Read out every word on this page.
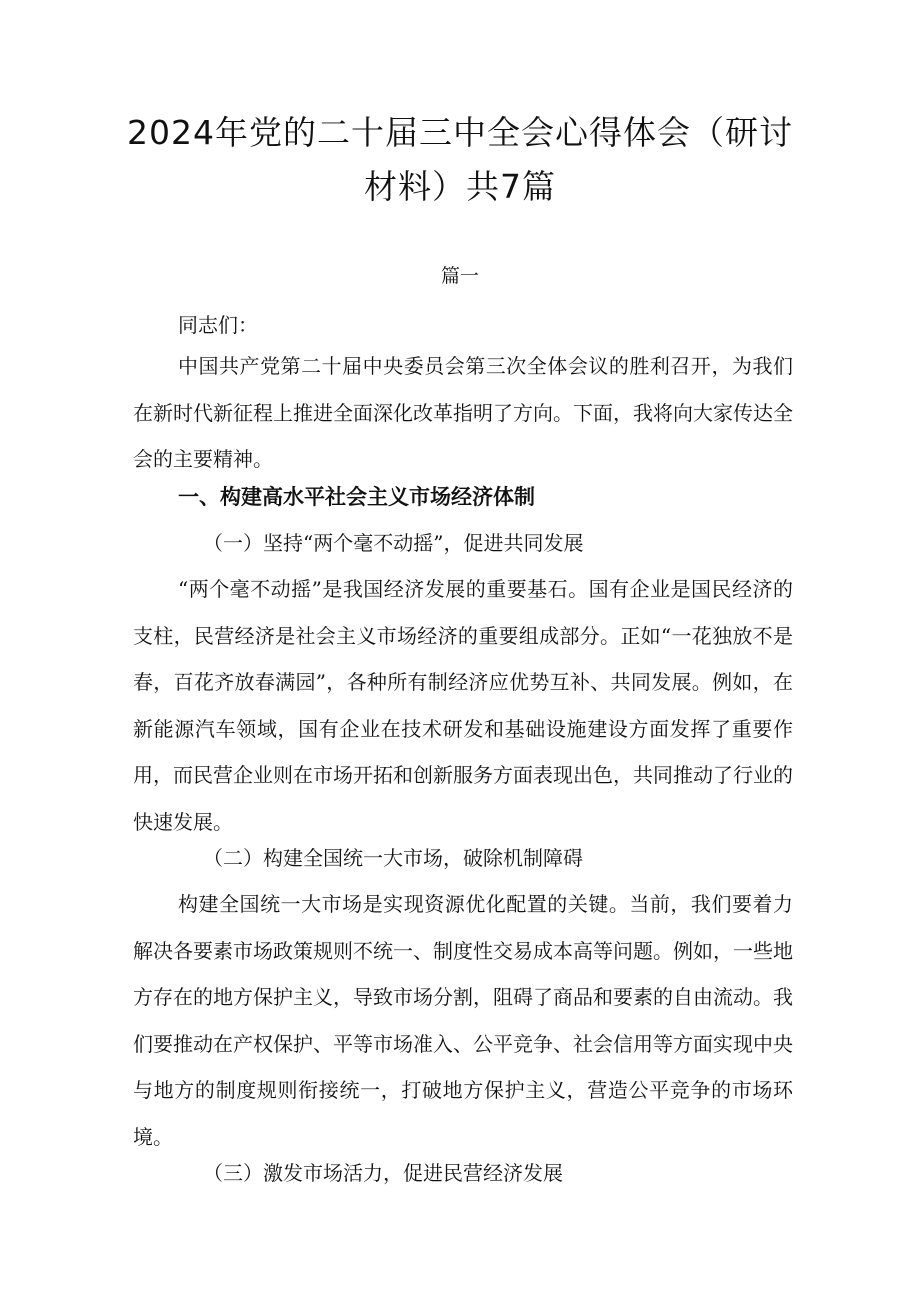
2024年党的二十届三中全会心得体会（研讨
材料）共7篇
篇一
同志们：

中国共产党第二十届中央委员会第三次全体会议的胜利召开，为我们在新时代新征程上推进全面深化改革指明了方向。下面，我将向大家传达全会的主要精神。

一、构建高水平社会主义市场经济体制
（一）坚持“两个毫不动摇”，促进共同发展

“两个毫不动摇”是我国经济发展的重要基石。国有企业是国民经济的支柱，民营经济是社会主义市场经济的重要组成部分。正如“一花独放不是春，百花齐放春满园”，各种所有制经济应优势互补、共同发展。例如，在新能源汽车领域，国有企业在技术研发和基础设施建设方面发挥了重要作用，而民营企业则在市场开拓和创新服务方面表现出色，共同推动了行业的快速发展。

（二）构建全国统一大市场，破除机制障碍

构建全国统一大市场是实现资源优化配置的关键。当前，我们要着力解决各要素市场政策规则不统一、制度性交易成本高等问题。例如，一些地方存在的地方保护主义，导致市场分割，阻碍了商品和要素的自由流动。我们要推动在产权保护、平等市场准入、公平竞争、社会信用等方面实现中央与地方的制度规则衔接统一，打破地方保护主义，营造公平竞争的市场环境。

（三）激发市场活力，促进民营经济发展
